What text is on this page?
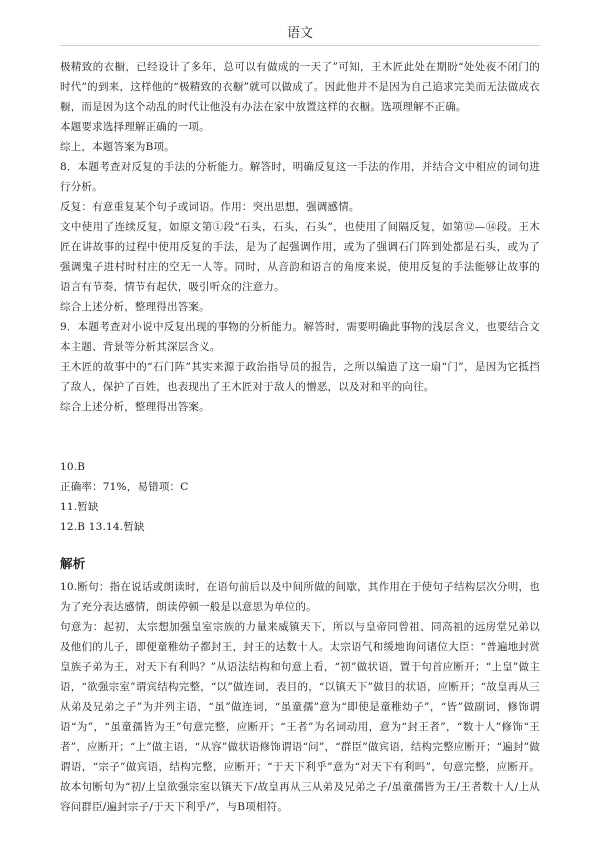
语文

极精致的衣橱，已经设计了多年，总可以有做成的一天了”可知，王木匠此处在期盼“处处夜不闭门的时代”的到来，这样他的“极精致的衣橱”就可以做成了。因此他并不是因为自己追求完美而无法做成衣橱，而是因为这个动乱的时代让他没有办法在家中放置这样的衣橱。选项理解不正确。

本题要求选择理解正确的一项。

综上，本题答案为B项。

8．本题考查对反复的手法的分析能力。解答时，明确反复这一手法的作用，并结合文中相应的词句进行分析。

反复：有意重复某个句子或词语。作用：突出思想，强调感情。

文中使用了连续反复，如原文第①段“石头，石头，石头”，也使用了间隔反复，如第⑫—⑭段。王木匠在讲故事的过程中使用反复的手法，是为了起强调作用，或为了强调石门阵到处都是石头，或为了强调鬼子进村时村庄的空无一人等。同时，从音韵和语言的角度来说，使用反复的手法能够让故事的语言有节奏，情节有起伏，吸引听众的注意力。

综合上述分析，整理得出答案。

9．本题考查对小说中反复出现的事物的分析能力。解答时，需要明确此事物的浅层含义，也要结合文本主题、背景等分析其深层含义。

王木匠的故事中的“石门阵”其实来源于政治指导员的报告，之所以编造了这一扇“门”，是因为它抵挡了敌人，保护了百姓，也表现出了王木匠对于敌人的憎恶，以及对和平的向往。

综合上述分析，整理得出答案。

10.B

正确率：71%，易错项：C

11.暂缺

12.B 13.14.暂缺

解析

10.断句：指在说话或朗读时，在语句前后以及中间所做的间歇，其作用在于使句子结构层次分明，也为了充分表达感情，朗读停顿一般是以意思为单位的。

句意为：起初，太宗想加强皇室宗族的力量来威镇天下，所以与皇帝同曾祖、同高祖的远房堂兄弟以及他们的儿子，即便童稚幼子都封王，封王的达数十人。太宗语气和缓地询问诸位大臣：“普遍地封赏皇族子弟为王，对天下有利吗？”从语法结构和句意上看，“初”做状语，置于句首应断开；“上皇”做主语，“欲强宗室”谓宾结构完整，“以”做连词，表目的，“以镇天下”做目的状语，应断开；“故皇再从三从弟及兄弟之子”为并列主语，“虽”做连词，“虽童孺”意为“即使是童稚幼子”，“皆”做副词，修饰谓语“为”，“虽童孺皆为王”句意完整，应断开；“王者”为名词动用，意为“封王者”，“数十人”修饰“王者”，应断开；“上”做主语，“从容”做状语修饰谓语“问”，“群臣”做宾语，结构完整应断开；“遍封”做谓语，“宗子”做宾语，结构完整，应断开；“于天下利乎”意为“对天下有利吗”，句意完整，应断开。故本句断句为“初/上皇欲强宗室以镇天下/故皇再从三从弟及兄弟之子/虽童孺皆为王/王者数十人/上从容问群臣/遍封宗子/于天下利乎/”，与B项相符。
